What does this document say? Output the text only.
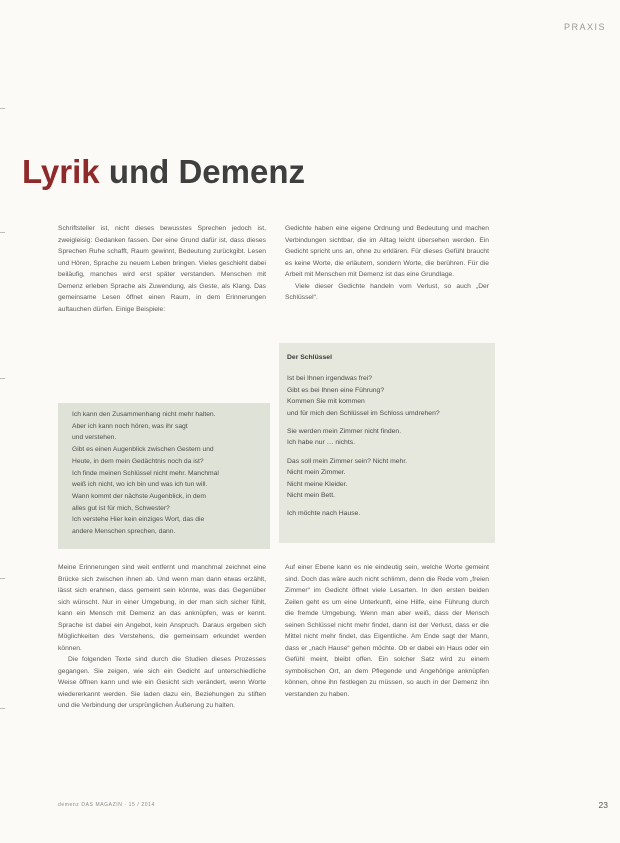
PRAXIS
Lyrik und Demenz

Schriftsteller ist, nicht dieses bewusstes Sprechen jedoch ist, zweigleisig: Gedanken fassen. Der eine Grund dafür ist, dass dieses Sprechen Ruhe schafft, Raum gewinnt, Bedeutung zurückgibt. Lesen und Hören, Sprache zu neuem Leben bringen. Vieles geschieht dabei beiläufig, manches wird erst später verstanden. Menschen mit Demenz erleben Sprache als Zuwendung, als Geste, als Klang. Das gemeinsame Lesen öffnet einen Raum, in dem Erinnerungen auftauchen dürfen. Einige Beispiele:

Gedichte haben eine eigene Ordnung und Bedeutung und machen Verbindungen sichtbar, die im Alltag leicht übersehen werden. Ein Gedicht spricht uns an, ohne zu erklären. Für dieses Gefühl braucht es keine Worte, die erläutern, sondern Worte, die berühren. Für die Arbeit mit Menschen mit Demenz ist das eine Grundlage.

Viele dieser Gedichte handeln vom Verlust, so auch „Der Schlüssel“.

Ich kann den Zusammenhang nicht mehr halten.
Aber ich kann noch hören, was ihr sagt
und verstehen.
Gibt es einen Augenblick zwischen Gestern und
Heute, in dem mein Gedächtnis noch da ist?
Ich finde meinen Schlüssel nicht mehr. Manchmal
weiß ich nicht, wo ich bin und was ich tun will.
Wann kommt der nächste Augenblick, in dem
alles gut ist für mich, Schwester?
Ich verstehe Hier kein einziges Wort, das die
andere Menschen sprechen, dann.
Der Schlüssel
Ist bei Ihnen irgendwas frei?
Gibt es bei Ihnen eine Führung?
Kommen Sie mit kommen
und für mich den Schlüssel im Schloss umdrehen?
Sie werden mein Zimmer nicht finden.
Ich habe nur … nichts.
Das soll mein Zimmer sein? Nicht mehr.
Nicht mein Zimmer.
Nicht meine Kleider.
Nicht mein Bett.
Ich möchte nach Hause.

Meine Erinnerungen sind weit entfernt und manchmal zeichnet eine Brücke sich zwischen ihnen ab. Und wenn man dann etwas erzählt, lässt sich erahnen, dass gemeint sein könnte, was das Gegenüber sich wünscht. Nur in einer Umgebung, in der man sich sicher fühlt, kann ein Mensch mit Demenz an das anknüpfen, was er kennt. Sprache ist dabei ein Angebot, kein Anspruch. Daraus ergeben sich Möglichkeiten des Verstehens, die gemeinsam erkundet werden können.

Die folgenden Texte sind durch die Studien dieses Prozesses gegangen. Sie zeigen, wie sich ein Gedicht auf unterschiedliche Weise öffnen kann und wie ein Gesicht sich verändert, wenn Worte wiedererkannt werden. Sie laden dazu ein, Beziehungen zu stiften und die Verbindung der ursprünglichen Äußerung zu halten.

Auf einer Ebene kann es nie eindeutig sein, welche Worte gemeint sind. Doch das wäre auch nicht schlimm, denn die Rede vom „freien Zimmer“ im Gedicht öffnet viele Lesarten. In den ersten beiden Zeilen geht es um eine Unterkunft, eine Hilfe, eine Führung durch die fremde Umgebung. Wenn man aber weiß, dass der Mensch seinen Schlüssel nicht mehr findet, dann ist der Verlust, dass er die Mittel nicht mehr findet, das Eigentliche. Am Ende sagt der Mann, dass er „nach Hause“ gehen möchte. Ob er dabei ein Haus oder ein Gefühl meint, bleibt offen. Ein solcher Satz wird zu einem symbolischen Ort, an dem Pflegende und Angehörige anknüpfen können, ohne ihn festlegen zu müssen, so auch in der Demenz ihn verstanden zu haben.

demenz DAS MAGAZIN · 15 / 2014	23
